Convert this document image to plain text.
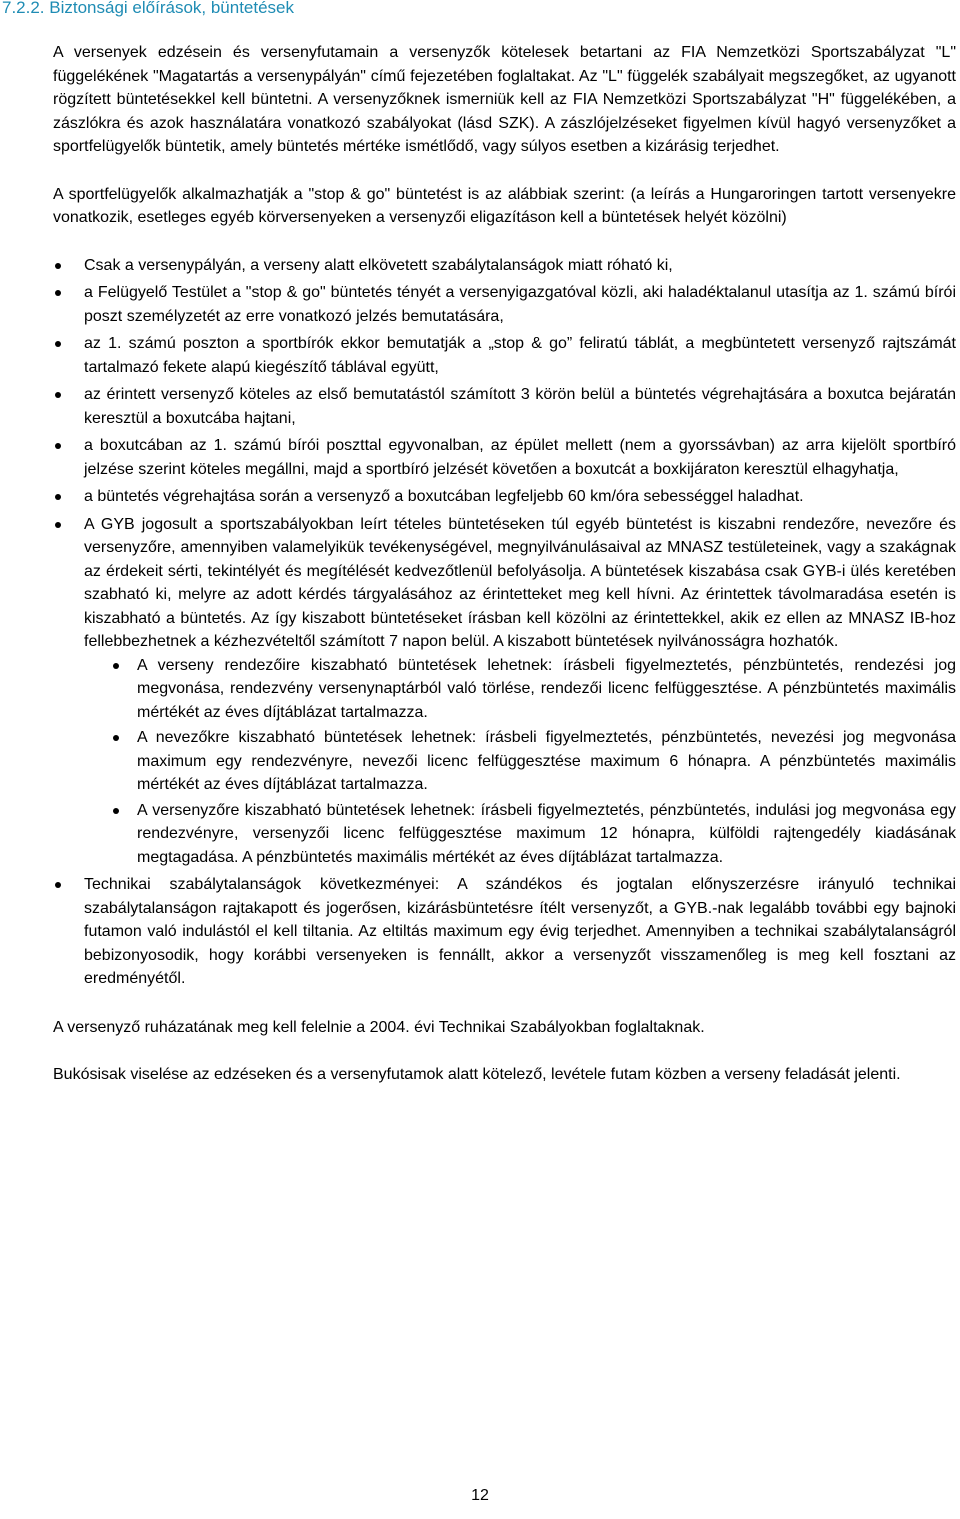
7.2.2. Biztonsági előírások, büntetések

A versenyek edzésein és versenyfutamain a versenyzők kötelesek betartani az FIA Nemzetközi Sportszabályzat "L" függelékének "Magatartás a versenypályán" című fejezetében foglaltakat. Az "L" függelék szabályait megszegőket, az ugyanott rögzített büntetésekkel kell büntetni. A versenyzőknek ismerniük kell az FIA Nemzetközi Sportszabályzat "H" függelékében, a zászlókra és azok használatára vonatkozó szabályokat (lásd SZK). A zászlójelzéseket figyelmen kívül hagyó versenyzőket a sportfelügyelők büntetik, amely büntetés mértéke ismétlődő, vagy súlyos esetben a kizárásig terjedhet.

A sportfelügyelők alkalmazhatják a "stop & go" büntetést is az alábbiak szerint: (a leírás a Hungaroringen tartott versenyekre vonatkozik, esetleges egyéb körversenyeken a versenyzői eligazításon kell a büntetések helyét közölni)

Csak a versenypályán, a verseny alatt elkövetett szabálytalanságok miatt róható ki,
a Felügyelő Testület a "stop & go" büntetés tényét a versenyigazgatóval közli, aki haladéktalanul utasítja az 1. számú bírói poszt személyzetét az erre vonatkozó jelzés bemutatására,
az 1. számú poszton a sportbírók ekkor bemutatják a „stop & go” feliratú táblát, a megbüntetett versenyző rajtszámát tartalmazó fekete alapú kiegészítő táblával együtt,
az érintett versenyző köteles az első bemutatástól számított 3 körön belül a büntetés végrehajtására a boxutca bejáratán keresztül a boxutcába hajtani,
a boxutcában az 1. számú bírói poszttal egyvonalban, az épület mellett (nem a gyorssávban) az arra kijelölt sportbíró jelzése szerint köteles megállni, majd a sportbíró jelzését követően a boxutcát a boxkijáraton keresztül elhagyhatja,
a büntetés végrehajtása során a versenyző a boxutcában legfeljebb 60 km/óra sebességgel haladhat.
A GYB jogosult a sportszabályokban leírt tételes büntetéseken túl egyéb büntetést is kiszabni rendezőre, nevezőre és versenyzőre, amennyiben valamelyikük tevékenységével, megnyilvánulásaival az MNASZ testületeinek, vagy a szakágnak az érdekeit sérti, tekintélyét és megítélését kedvezőtlenül befolyásolja. A büntetések kiszabása csak GYB-i ülés keretében szabható ki, melyre az adott kérdés tárgyalásához az érintetteket meg kell hívni. Az érintettek távolmaradása esetén is kiszabható a büntetés. Az így kiszabott büntetéseket írásban kell közölni az érintettekkel, akik ez ellen az MNASZ IB-hoz fellebbezhetnek a kézhezvételtől számított 7 napon belül. A kiszabott büntetések nyilvánosságra hozhatók.
A verseny rendezőire kiszabható büntetések lehetnek: írásbeli figyelmeztetés, pénzbüntetés, rendezési jog megvonása, rendezvény versenynaptárból való törlése, rendezői licenc felfüggesztése. A pénzbüntetés maximális mértékét az éves díjtáblázat tartalmazza.
A nevezőkre kiszabható büntetések lehetnek: írásbeli figyelmeztetés, pénzbüntetés, nevezési jog megvonása maximum egy rendezvényre, nevezői licenc felfüggesztése maximum 6 hónapra. A pénzbüntetés maximális mértékét az éves díjtáblázat tartalmazza.
A versenyzőre kiszabható büntetések lehetnek: írásbeli figyelmeztetés, pénzbüntetés, indulási jog megvonása egy rendezvényre, versenyzői licenc felfüggesztése maximum 12 hónapra, külföldi rajtengedély kiadásának megtagadása. A pénzbüntetés maximális mértékét az éves díjtáblázat tartalmazza.
Technikai szabálytalanságok következményei: A szándékos és jogtalan előnyszerzésre irányuló technikai szabálytalanságon rajtakapott és jogerősen, kizárásbüntetésre ítélt versenyzőt, a GYB.-nak legalább további egy bajnoki futamon való indulástól el kell tiltania. Az eltiltás maximum egy évig terjedhet. Amennyiben a technikai szabálytalanságról bebizonyosodik, hogy korábbi versenyeken is fennállt, akkor a versenyzőt visszamenőleg is meg kell fosztani az eredményétől.

A versenyző ruházatának meg kell felelnie a 2004. évi Technikai Szabályokban foglaltaknak.

Bukósisak viselése az edzéseken és a versenyfutamok alatt kötelező, levétele futam közben a verseny feladását jelenti.

12
